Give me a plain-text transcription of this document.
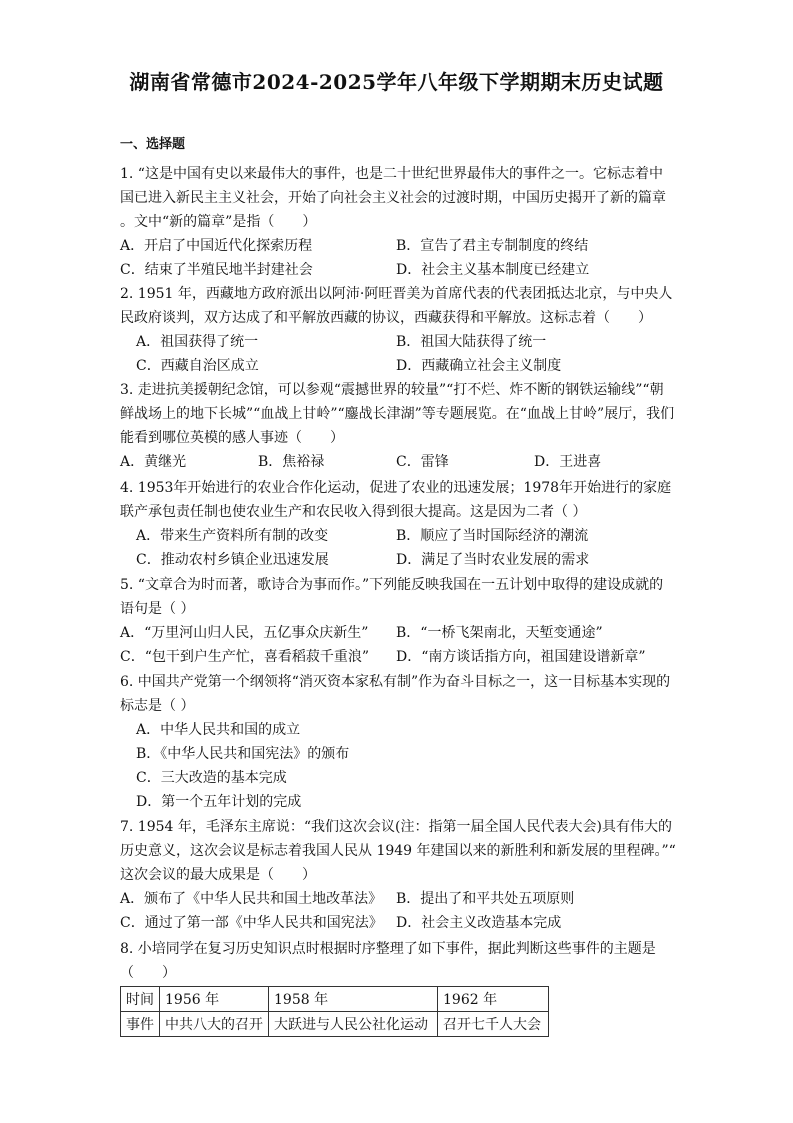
湖南省常德市2024-2025学年八年级下学期期末历史试题
一、选择题
1. “这是中国有史以来最伟大的事件，也是二十世纪世界最伟大的事件之一。它标志着中
国已进入新民主主义社会，开始了向社会主义社会的过渡时期，中国历史揭开了新的篇章
。文中“新的篇章”是指（　　）
A．开启了中国近代化探索历程	B．宣告了君主专制制度的终结
C．结束了半殖民地半封建社会	D．社会主义基本制度已经建立
2. 1951 年，西藏地方政府派出以阿沛·阿旺晋美为首席代表的代表团抵达北京，与中央人
民政府谈判，双方达成了和平解放西藏的协议，西藏获得和平解放。这标志着（　　）
A．祖国获得了统一	B．祖国大陆获得了统一
C．西藏自治区成立	D．西藏确立社会主义制度
3. 走进抗美援朝纪念馆，可以参观“震撼世界的较量”“打不烂、炸不断的钢铁运输线”“朝
鲜战场上的地下长城”“血战上甘岭”“鏖战长津湖”等专题展览。在“血战上甘岭”展厅，我们
能看到哪位英模的感人事迹（　　）
A．黄继光	B．焦裕禄	C．雷锋	D．王进喜
4. 1953年开始进行的农业合作化运动，促进了农业的迅速发展；1978年开始进行的家庭
联产承包责任制也使农业生产和农民收入得到很大提高。这是因为二者（ ）
A．带来生产资料所有制的改变	B．顺应了当时国际经济的潮流
C．推动农村乡镇企业迅速发展	D．满足了当时农业发展的需求
5. “文章合为时而著，歌诗合为事而作。”下列能反映我国在一五计划中取得的建设成就的
语句是（ ）
A．“万里河山归人民，五亿事众庆新生” B．“一桥飞架南北，天堑变通途”
C．“包干到户生产忙，喜看稻菽千重浪” D．“南方谈话指方向，祖国建设谱新章”
6. 中国共产党第一个纲领将“消灭资本家私有制”作为奋斗目标之一，这一目标基本实现的
标志是（ ）
A．中华人民共和国的成立
B．《中华人民共和国宪法》的颁布
C．三大改造的基本完成
D．第一个五年计划的完成
7. 1954 年，毛泽东主席说：“我们这次会议(注：指第一届全国人民代表大会)具有伟大的
历史意义，这次会议是标志着我国人民从 1949 年建国以来的新胜利和新发展的里程碑。”“
这次会议的最大成果是（　　）
A．颁布了《中华人民共和国土地改革法》 B．提出了和平共处五项原则
C．通过了第一部《中华人民共和国宪法》 D．社会主义改造基本完成
8. 小培同学在复习历史知识点时根据时序整理了如下事件，据此判断这些事件的主题是
（　　）
时间	1956 年	1958 年	1962 年
事件	中共八大的召开	大跃进与人民公社化运动	召开七千人大会
